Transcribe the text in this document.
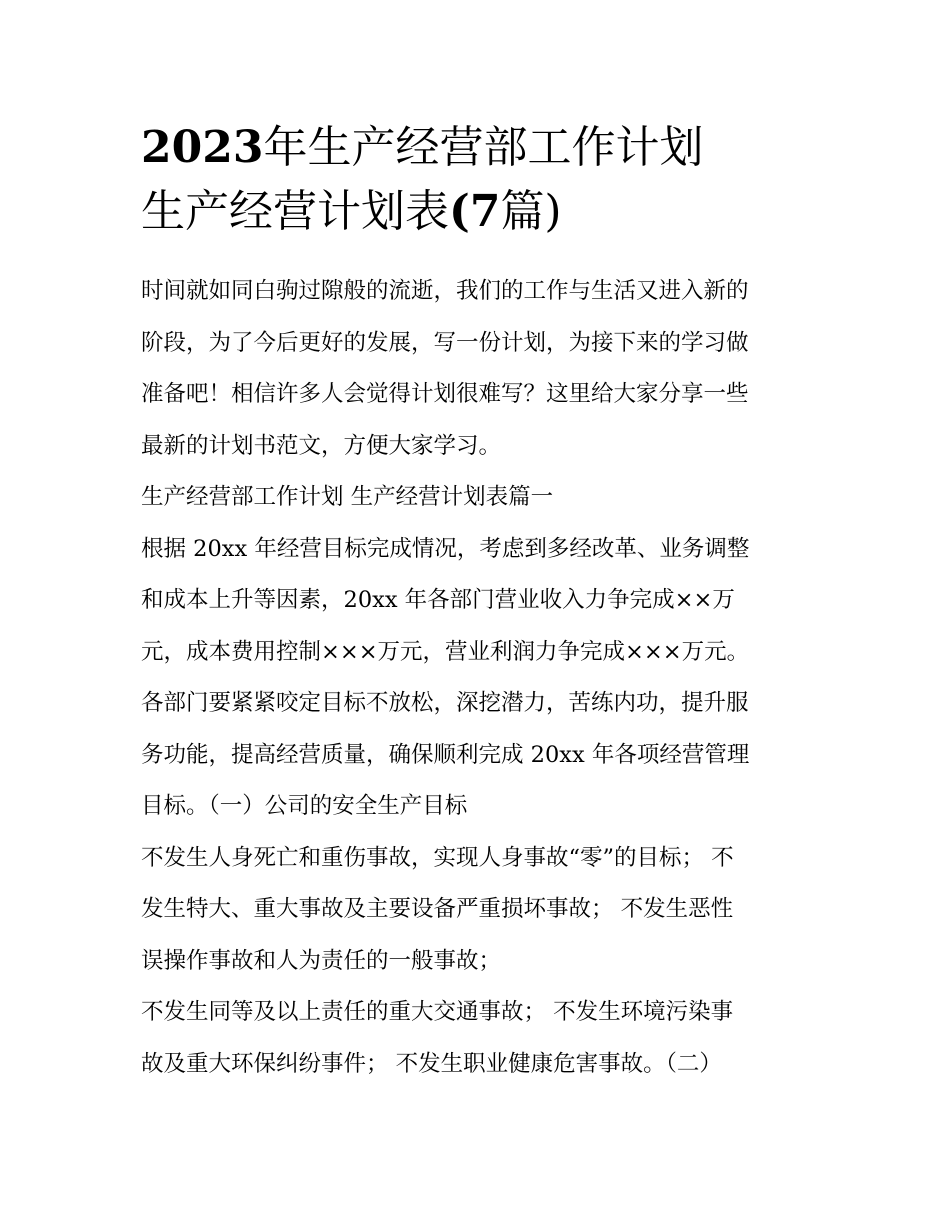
2023年生产经营部工作计划
生产经营计划表(7篇)
时间就如同白驹过隙般的流逝，我们的工作与生活又进入新的
阶段，为了今后更好的发展，写一份计划，为接下来的学习做
准备吧！相信许多人会觉得计划很难写？这里给大家分享一些
最新的计划书范文，方便大家学习。
生产经营部工作计划 生产经营计划表篇一
根据 20xx 年经营目标完成情况，考虑到多经改革、业务调整
和成本上升等因素，20xx 年各部门营业收入力争完成××万
元，成本费用控制×××万元，营业利润力争完成×××万元。
各部门要紧紧咬定目标不放松，深挖潜力，苦练内功，提升服
务功能，提高经营质量，确保顺利完成 20xx 年各项经营管理
目标。（一）公司的安全生产目标
不发生人身死亡和重伤事故，实现人身事故“零”的目标； 不
发生特大、重大事故及主要设备严重损坏事故； 不发生恶性
误操作事故和人为责任的一般事故；
不发生同等及以上责任的重大交通事故； 不发生环境污染事
故及重大环保纠纷事件； 不发生职业健康危害事故。（二）
